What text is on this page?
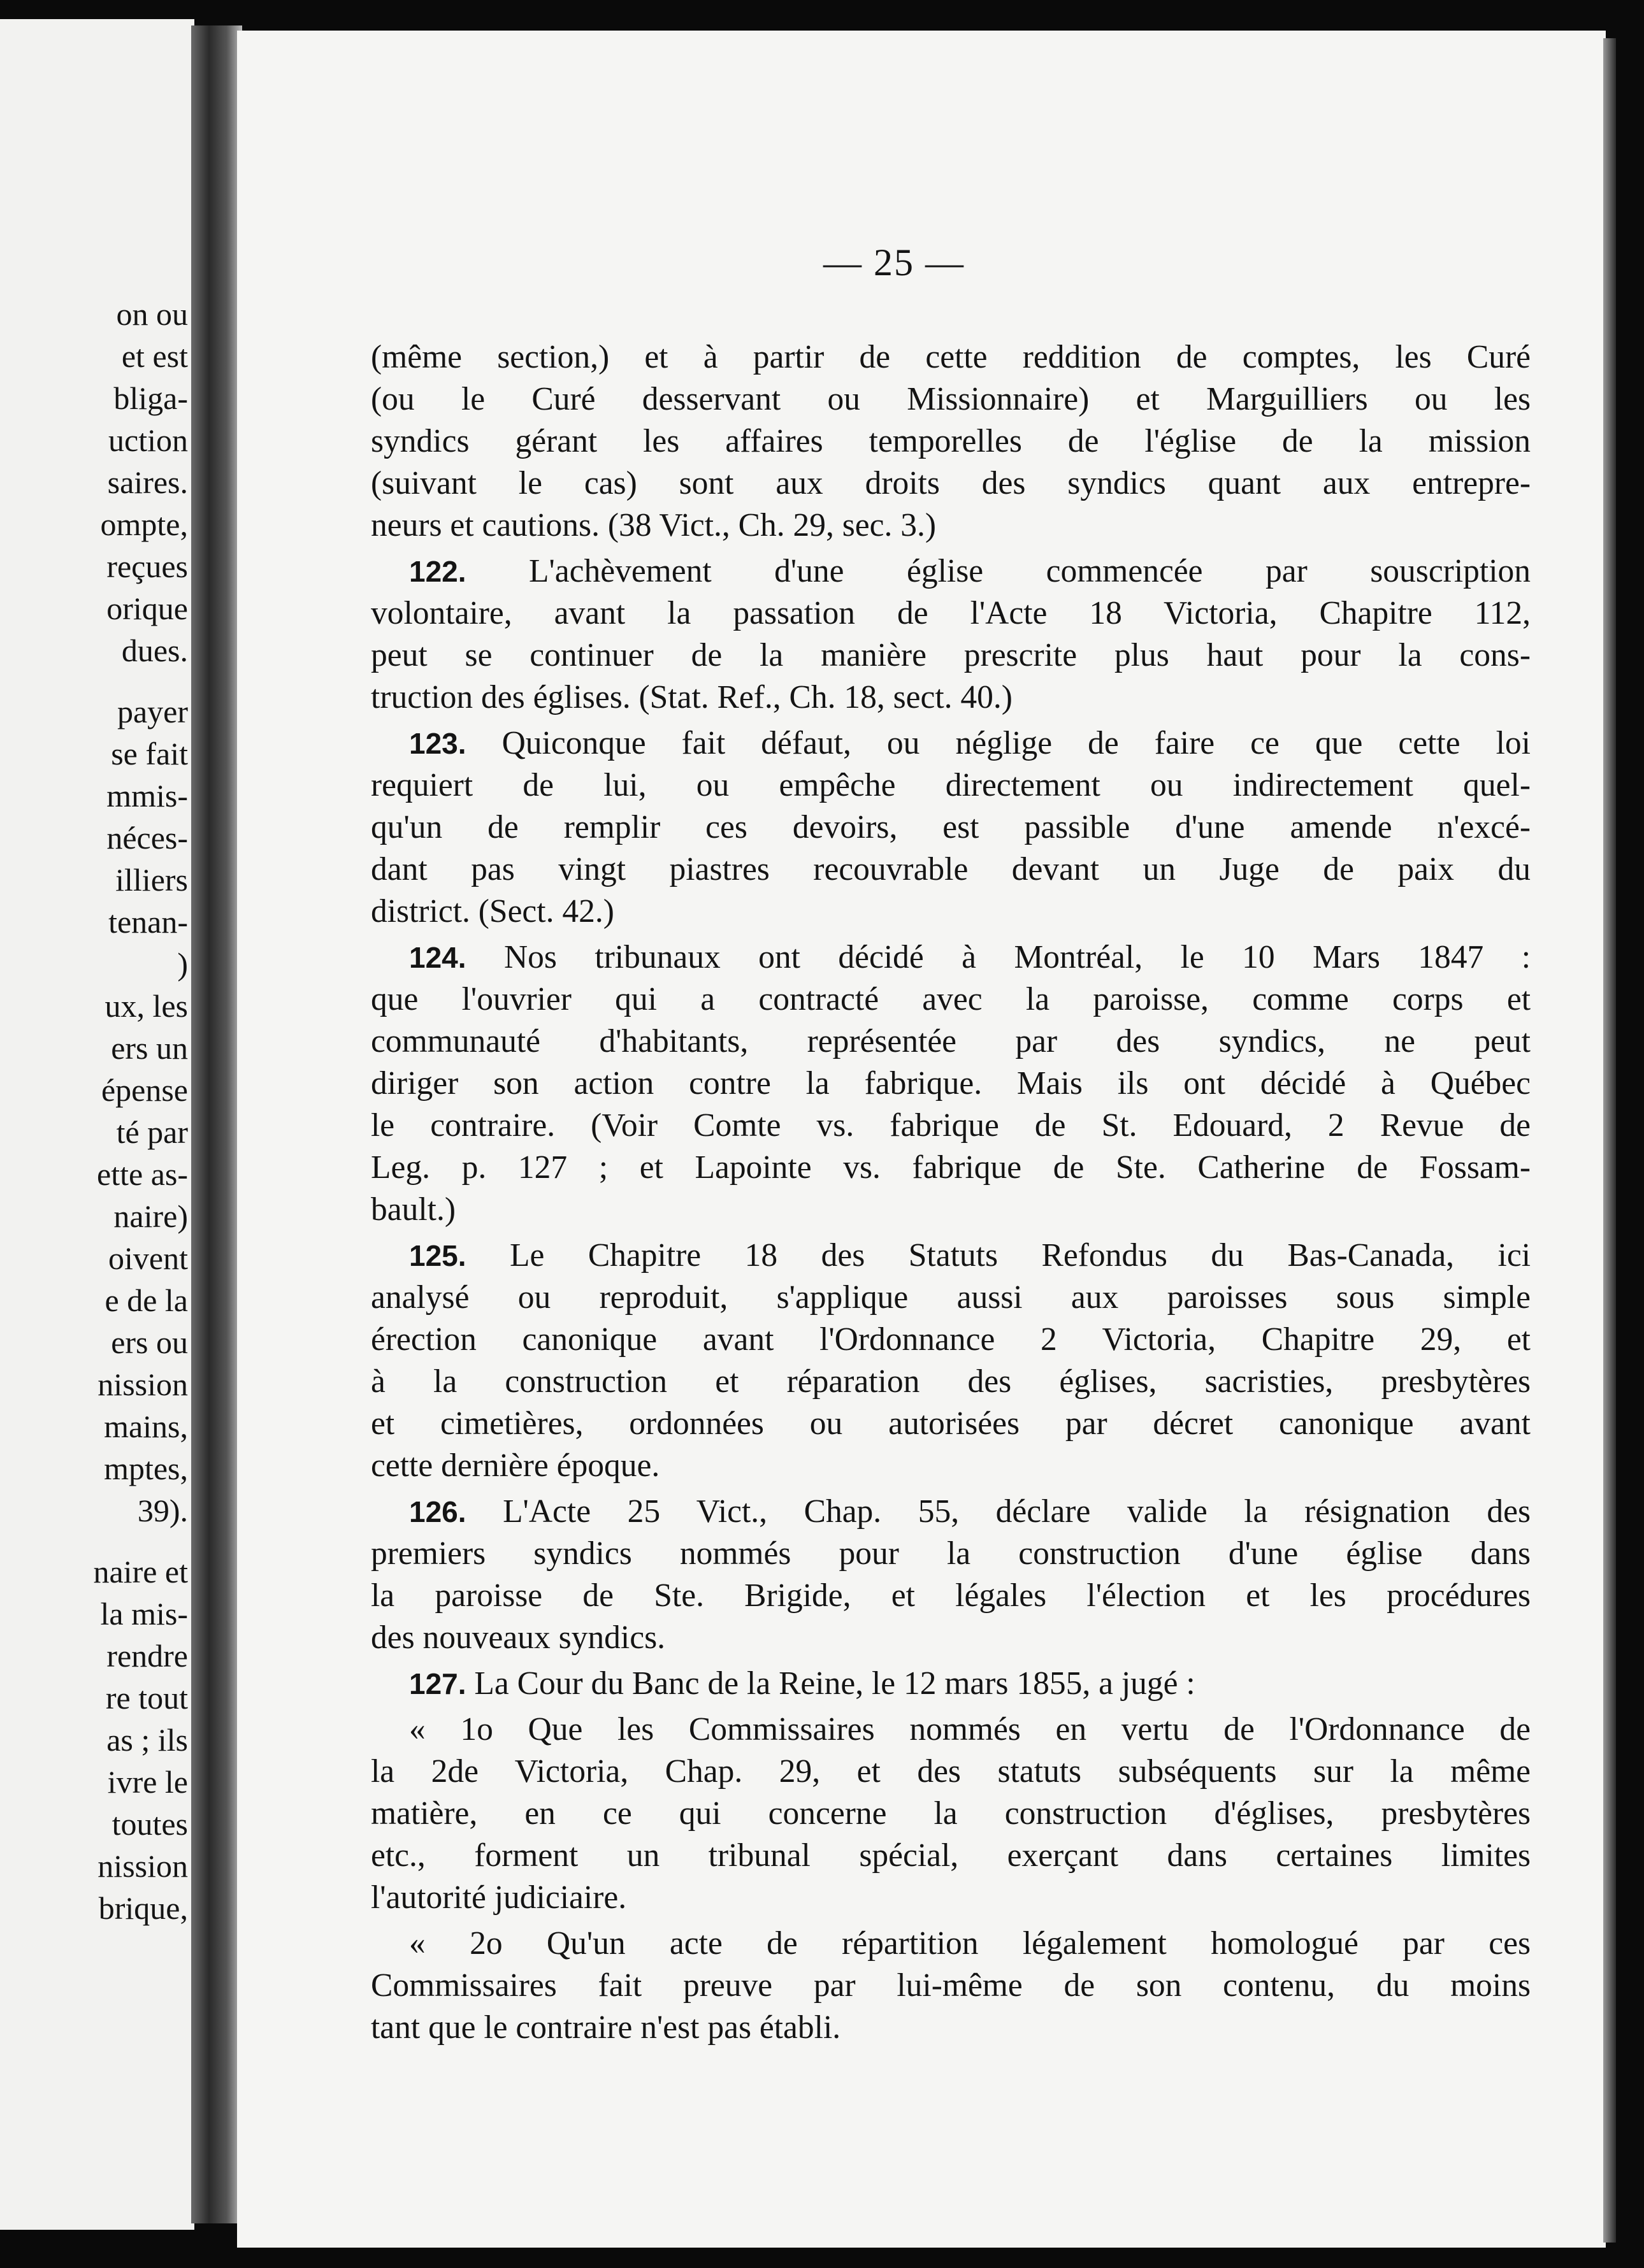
on ou
et est
bliga-
uction
saires.
ompte,
reçues
orique
dues.
payer
se fait
mmis-
néces-
illiers
tenan-
)
ux, les
ers un
épense
té par
ette as-
naire)
oivent
e de la
ers ou
nission
mains,
mptes,
39).
naire et
la mis-
rendre
re tout
as ; ils
ivre le
toutes
nission
brique,
— 25 —
(même section,) et à partir de cette reddition de comptes, les Curé
(ou le Curé desservant ou Missionnaire) et Marguilliers ou les
syndics gérant les affaires temporelles de l'église de la mission
(suivant le cas) sont aux droits des syndics quant aux entrepre-
neurs et cautions. (38 Vict., Ch. 29, sec. 3.)
122. L'achèvement d'une église commencée par souscription
volontaire, avant la passation de l'Acte 18 Victoria, Chapitre 112,
peut se continuer de la manière prescrite plus haut pour la cons-
truction des églises. (Stat. Ref., Ch. 18, sect. 40.)
123. Quiconque fait défaut, ou néglige de faire ce que cette loi
requiert de lui, ou empêche directement ou indirectement quel-
qu'un de remplir ces devoirs, est passible d'une amende n'excé-
dant pas vingt piastres recouvrable devant un Juge de paix du
district. (Sect. 42.)
124. Nos tribunaux ont décidé à Montréal, le 10 Mars 1847 :
que l'ouvrier qui a contracté avec la paroisse, comme corps et
communauté d'habitants, représentée par des syndics, ne peut
diriger son action contre la fabrique. Mais ils ont décidé à Québec
le contraire. (Voir Comte vs. fabrique de St. Edouard, 2 Revue de
Leg. p. 127 ; et Lapointe vs. fabrique de Ste. Catherine de Fossam-
bault.)
125. Le Chapitre 18 des Statuts Refondus du Bas-Canada, ici
analysé ou reproduit, s'applique aussi aux paroisses sous simple
érection canonique avant l'Ordonnance 2 Victoria, Chapitre 29, et
à la construction et réparation des églises, sacristies, presbytères
et cimetières, ordonnées ou autorisées par décret canonique avant
cette dernière époque.
126. L'Acte 25 Vict., Chap. 55, déclare valide la résignation des
premiers syndics nommés pour la construction d'une église dans
la paroisse de Ste. Brigide, et légales l'élection et les procédures
des nouveaux syndics.
127. La Cour du Banc de la Reine, le 12 mars 1855, a jugé :
« 1o Que les Commissaires nommés en vertu de l'Ordonnance de
la 2de Victoria, Chap. 29, et des statuts subséquents sur la même
matière, en ce qui concerne la construction d'églises, presbytères
etc., forment un tribunal spécial, exerçant dans certaines limites
l'autorité judiciaire.
« 2o Qu'un acte de répartition légalement homologué par ces
Commissaires fait preuve par lui-même de son contenu, du moins
tant que le contraire n'est pas établi.
